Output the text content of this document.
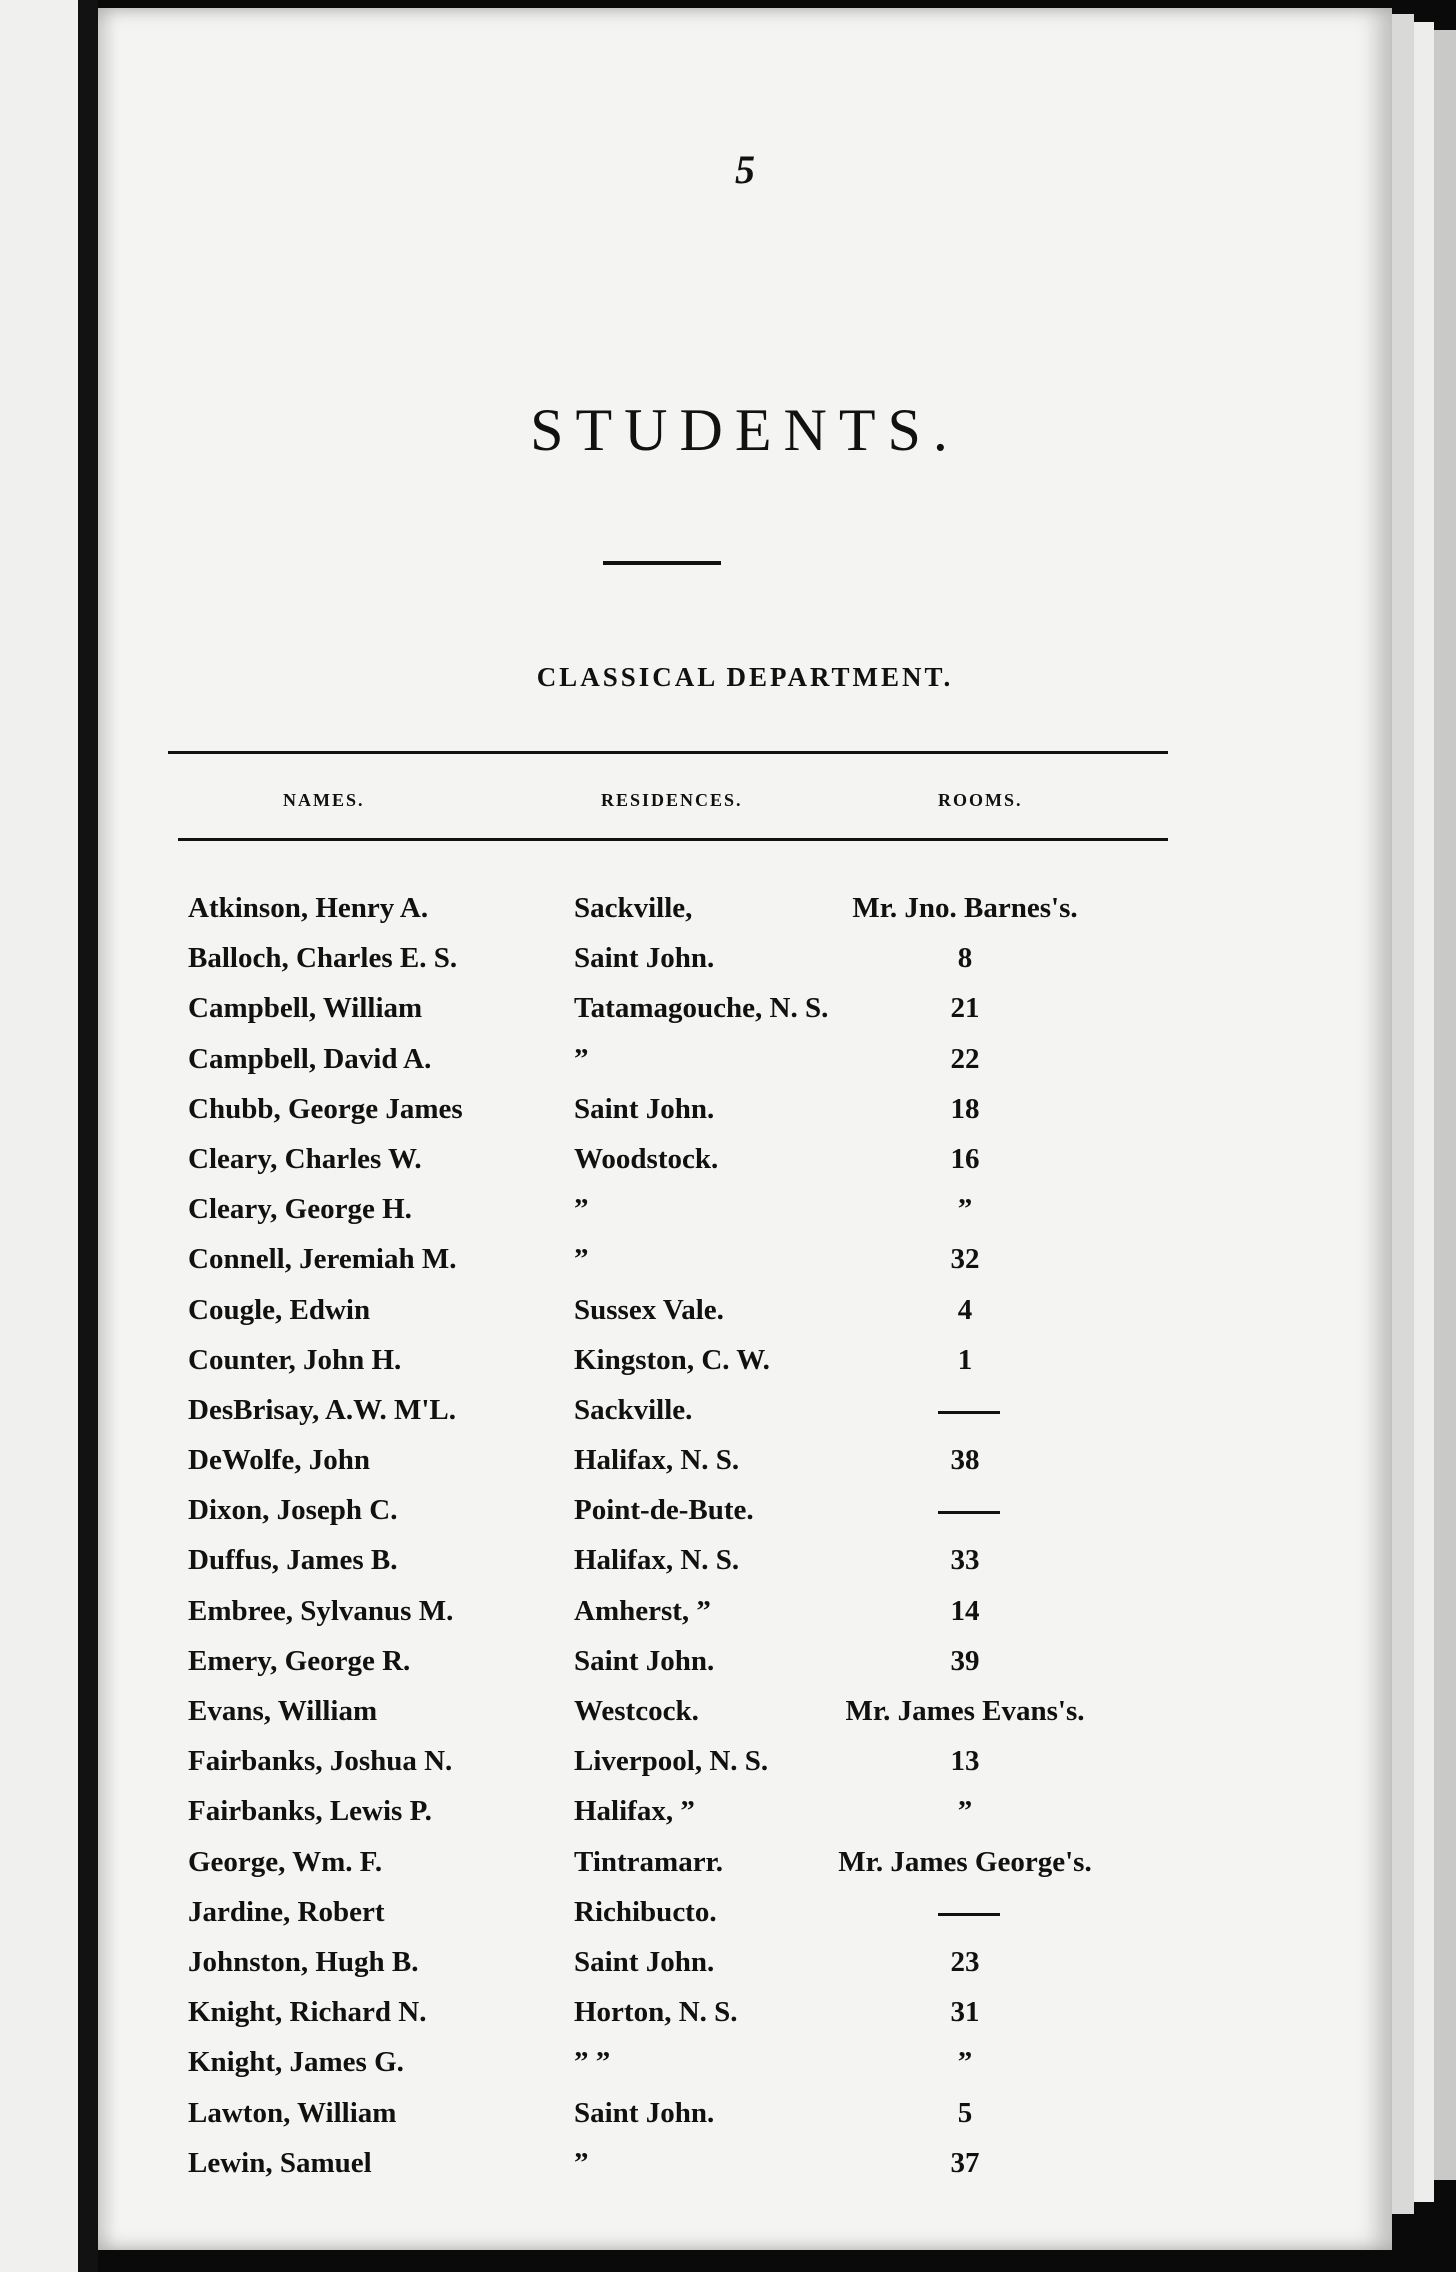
5
STUDENTS.
CLASSICAL DEPARTMENT.
NAMES.	RESIDENCES.	ROOMS.
Atkinson, Henry A.	Sackville,	Mr. Jno. Barnes's.
Balloch, Charles E. S.	Saint John.	8
Campbell, William	Tatamagouche, N. S.	21
Campbell, David A.	”	22
Chubb, George James	Saint John.	18
Cleary, Charles W.	Woodstock.	16
Cleary, George H.	”	”
Connell, Jeremiah M.	”	32
Cougle, Edwin	Sussex Vale.	4
Counter, John H.	Kingston, C. W.	1
DesBrisay, A.W. M'L.	Sackville.
DeWolfe, John	Halifax, N. S.	38
Dixon, Joseph C.	Point-de-Bute.
Duffus, James B.	Halifax, N. S.	33
Embree, Sylvanus M.	Amherst, ”	14
Emery, George R.	Saint John.	39
Evans, William	Westcock.	Mr. James Evans's.
Fairbanks, Joshua N.	Liverpool, N. S.	13
Fairbanks, Lewis P.	Halifax, ”	”
George, Wm. F.	Tintramarr.	Mr. James George's.
Jardine, Robert	Richibucto.
Johnston, Hugh B.	Saint John.	23
Knight, Richard N.	Horton, N. S.	31
Knight, James G.	” ”	”
Lawton, William	Saint John.	5
Lewin, Samuel	”	37
